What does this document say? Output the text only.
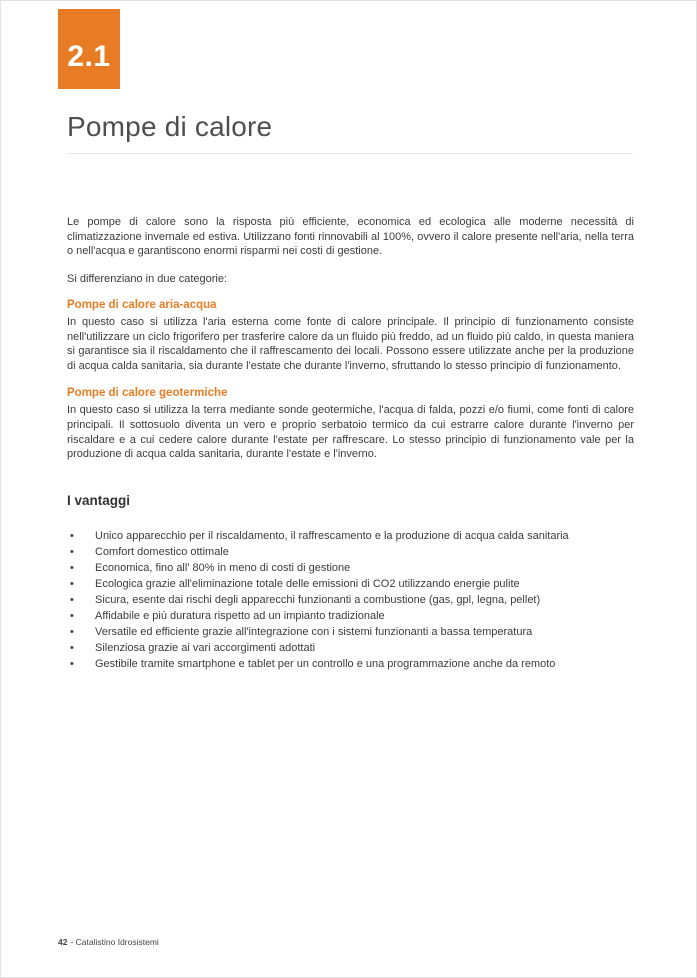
2.1
Pompe di calore

Le pompe di calore sono la risposta più efficiente, economica ed ecologica alle moderne necessità di climatizzazione invernale ed estiva. Utilizzano fonti rinnovabili al 100%, ovvero il calore presente nell'aria, nella terra o nell'acqua e garantiscono enormi risparmi nei costi di gestione.

Si differenziano in due categorie:

Pompe di calore aria-acqua

In questo caso si utilizza l'aria esterna come fonte di calore principale. Il principio di funzionamento consiste nell'utilizzare un ciclo frigorifero per trasferire calore da un fluido più freddo, ad un fluido più caldo, in questa maniera si garantisce sia il riscaldamento che il raffrescamento dei locali. Possono essere utilizzate anche per la produzione di acqua calda sanitaria, sia durante l'estate che durante l'inverno, sfruttando lo stesso principio di funzionamento.

Pompe di calore geotermiche

In questo caso si utilizza la terra mediante sonde geotermiche, l'acqua di falda, pozzi e/o fiumi, come fonti di calore principali. Il sottosuolo diventa un vero e proprio serbatoio termico da cui estrarre calore durante l'inverno per riscaldare e a cui cedere calore durante l'estate per raffrescare. Lo stesso principio di funzionamento vale per la produzione di acqua calda sanitaria, durante l'estate e l'inverno.

I vantaggi
• Unico apparecchio per il riscaldamento, il raffrescamento e la produzione di acqua calda sanitaria
• Comfort domestico ottimale
• Economica, fino all' 80% in meno di costi di gestione
• Ecologica grazie all'eliminazione totale delle emissioni di CO2 utilizzando energie pulite
• Sicura, esente dai rischi degli apparecchi funzionanti a combustione (gas, gpl, legna, pellet)
• Affidabile e più duratura rispetto ad un impianto tradizionale
• Versatile ed efficiente grazie all'integrazione con i sistemi funzionanti a bassa temperatura
• Silenziosa grazie ai vari accorgimenti adottati
• Gestibile tramite smartphone e tablet per un controllo e una programmazione anche da remoto
42 - Catalistino Idrosistemi
